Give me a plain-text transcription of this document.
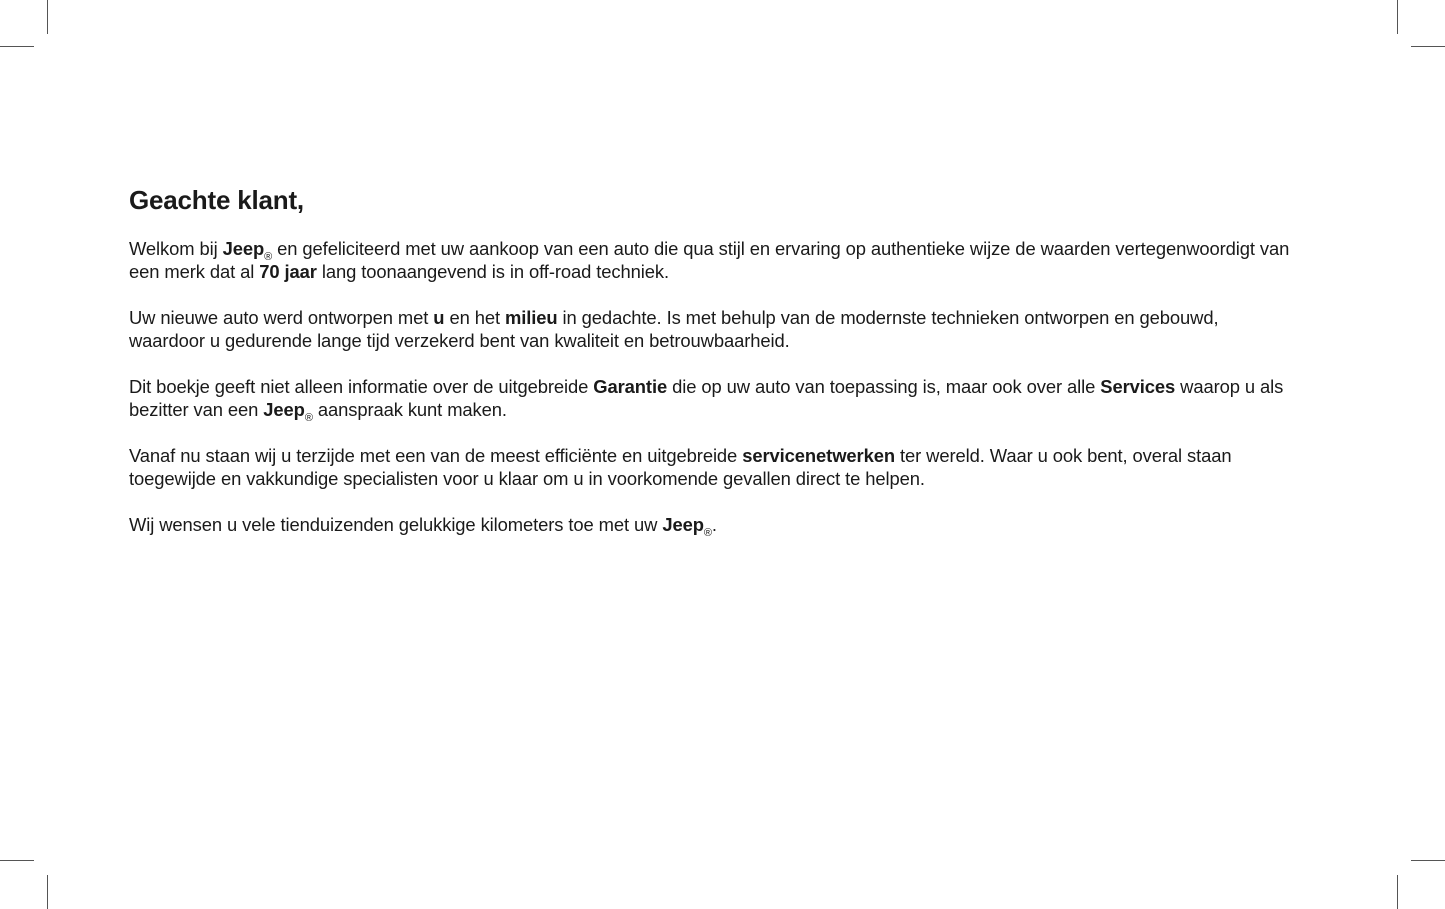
Geachte klant,

Welkom bij Jeep$_®$ en gefeliciteerd met uw aankoop van een auto die qua stijl en ervaring op authentieke wijze de waarden vertegenwoordigt van een merk dat al 70 jaar lang toonaangevend is in off-road techniek.

Uw nieuwe auto werd ontworpen met u en het milieu in gedachte. Is met behulp van de modernste technieken ontworpen en gebouwd, waardoor u gedurende lange tijd verzekerd bent van kwaliteit en betrouwbaarheid.

Dit boekje geeft niet alleen informatie over de uitgebreide Garantie die op uw auto van toepassing is, maar ook over alle Services waarop u als bezitter van een Jeep$_®$ aanspraak kunt maken.

Vanaf nu staan wij u terzijde met een van de meest efficiënte en uitgebreide servicenetwerken ter wereld. Waar u ook bent, overal staan toegewijde en vakkundige specialisten voor u klaar om u in voorkomende gevallen direct te helpen.

Wij wensen u vele tienduizenden gelukkige kilometers toe met uw Jeep$_®$.
